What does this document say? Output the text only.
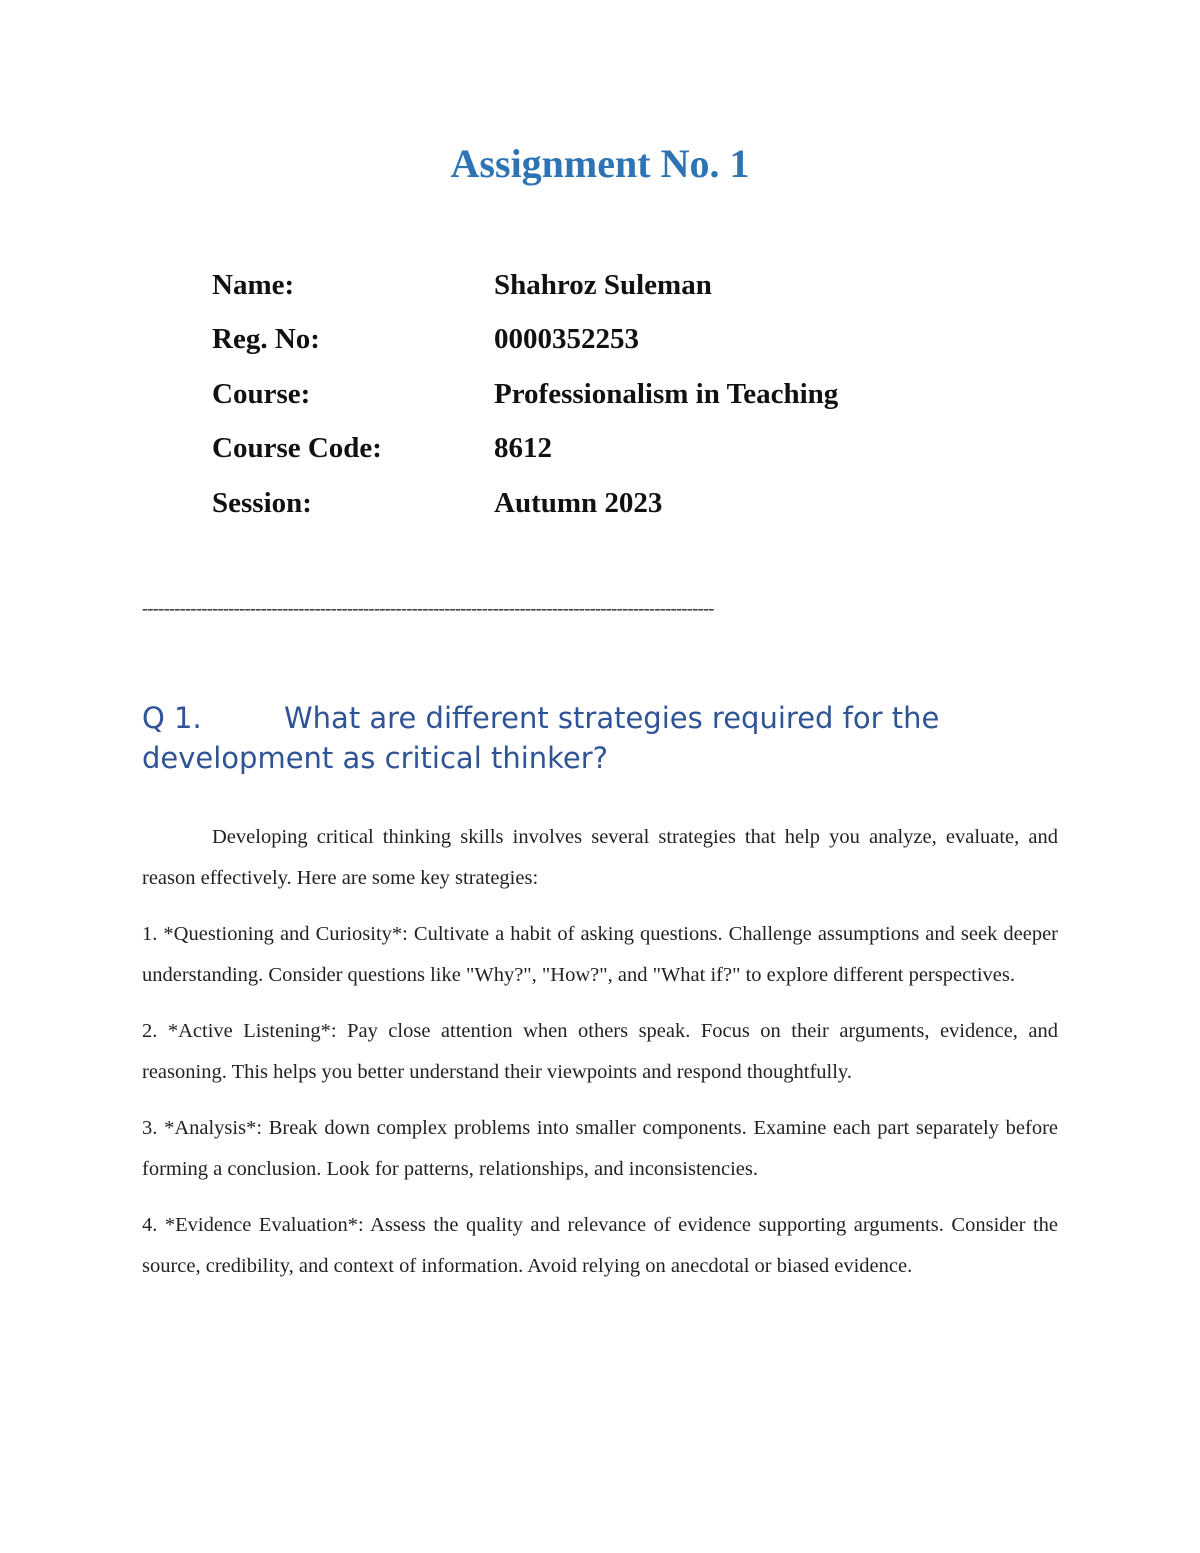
Assignment No. 1
Name:	Shahroz Suleman
Reg. No:	0000352253
Course:	Professionalism in Teaching
Course Code:	8612
Session:	Autumn 2023
----------------------------------------------------------------------------------------------------------
Q 1.	What are different strategies required for the development as critical thinker?

Developing critical thinking skills involves several strategies that help you analyze, evaluate, and reason effectively. Here are some key strategies:

1. *Questioning and Curiosity*: Cultivate a habit of asking questions. Challenge assumptions and seek deeper understanding. Consider questions like "Why?", "How?", and "What if?" to explore different perspectives.

2. *Active Listening*: Pay close attention when others speak. Focus on their arguments, evidence, and reasoning. This helps you better understand their viewpoints and respond thoughtfully.

3. *Analysis*: Break down complex problems into smaller components. Examine each part separately before forming a conclusion. Look for patterns, relationships, and inconsistencies.

4. *Evidence Evaluation*: Assess the quality and relevance of evidence supporting arguments. Consider the source, credibility, and context of information. Avoid relying on anecdotal or biased evidence.
